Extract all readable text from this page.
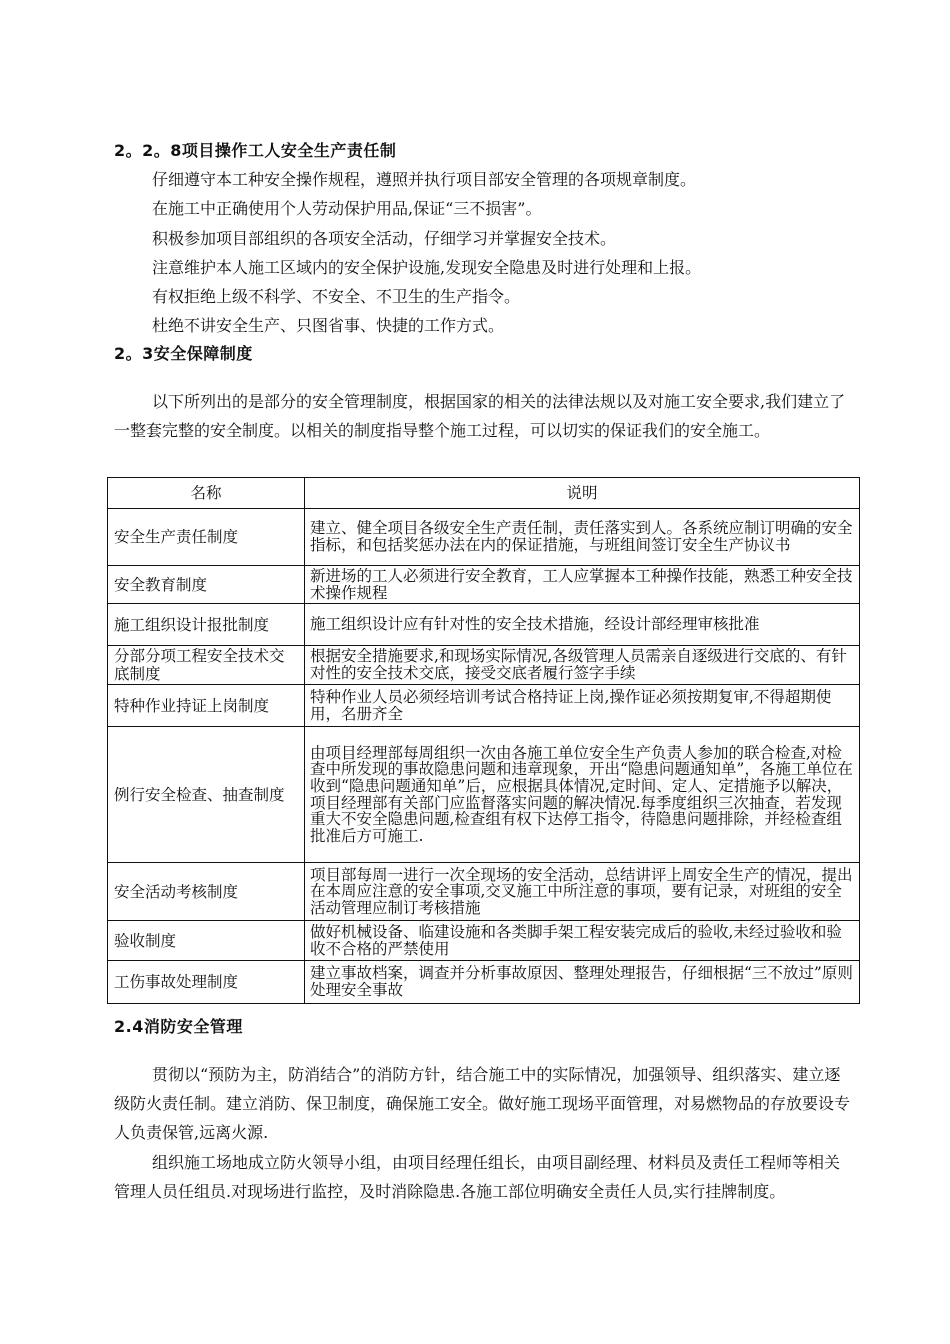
2。2。8项目操作工人安全生产责任制
仔细遵守本工种安全操作规程，遵照并执行项目部安全管理的各项规章制度。
在施工中正确使用个人劳动保护用品,保证“三不损害”。
积极参加项目部组织的各项安全活动，仔细学习并掌握安全技术。
注意维护本人施工区域内的安全保护设施,发现安全隐患及时进行处理和上报。
有权拒绝上级不科学、不安全、不卫生的生产指令。
杜绝不讲安全生产、只图省事、快捷的工作方式。
2。3安全保障制度

以下所列出的是部分的安全管理制度，根据国家的相关的法律法规以及对施工安全要求,我们建立了一整套完整的安全制度。以相关的制度指导整个施工过程，可以切实的保证我们的安全施工。

名称	说明
安全生产责任制度	建立、健全项目各级安全生产责任制，责任落实到人。各系统应制订明确的安全指标，和包括奖惩办法在内的保证措施，与班组间签订安全生产协议书
安全教育制度	新进场的工人必须进行安全教育，工人应掌握本工种操作技能，熟悉工种安全技术操作规程
施工组织设计报批制度	施工组织设计应有针对性的安全技术措施，经设计部经理审核批准
分部分项工程安全技术交底制度	根据安全措施要求,和现场实际情况,各级管理人员需亲自逐级进行交底的、有针对性的安全技术交底，接受交底者履行签字手续
特种作业持证上岗制度	特种作业人员必须经培训考试合格持证上岗,操作证必须按期复审,不得超期使用，名册齐全
例行安全检查、抽查制度	由项目经理部每周组织一次由各施工单位安全生产负责人参加的联合检查,对检查中所发现的事故隐患问题和违章现象，开出“隐患问题通知单”，各施工单位在收到“隐患问题通知单”后，应根据具体情况,定时间、定人、定措施予以解决，项目经理部有关部门应监督落实问题的解决情况.每季度组织三次抽查，若发现重大不安全隐患问题,检查组有权下达停工指令，待隐患问题排除，并经检查组批准后方可施工.
安全活动考核制度	项目部每周一进行一次全现场的安全活动，总结讲评上周安全生产的情况，提出在本周应注意的安全事项,交叉施工中所注意的事项，要有记录，对班组的安全活动管理应制订考核措施
验收制度	做好机械设备、临建设施和各类脚手架工程安装完成后的验收,未经过验收和验收不合格的严禁使用
工伤事故处理制度	建立事故档案，调查并分析事故原因、整理处理报告，仔细根据“三不放过”原则处理安全事故
2.4消防安全管理

贯彻以“预防为主，防消结合”的消防方针，结合施工中的实际情况，加强领导、组织落实、建立逐级防火责任制。建立消防、保卫制度，确保施工安全。做好施工现场平面管理，对易燃物品的存放要设专人负责保管,远离火源.

组织施工场地成立防火领导小组，由项目经理任组长，由项目副经理、材料员及责任工程师等相关管理人员任组员.对现场进行监控，及时消除隐患.各施工部位明确安全责任人员,实行挂牌制度。
